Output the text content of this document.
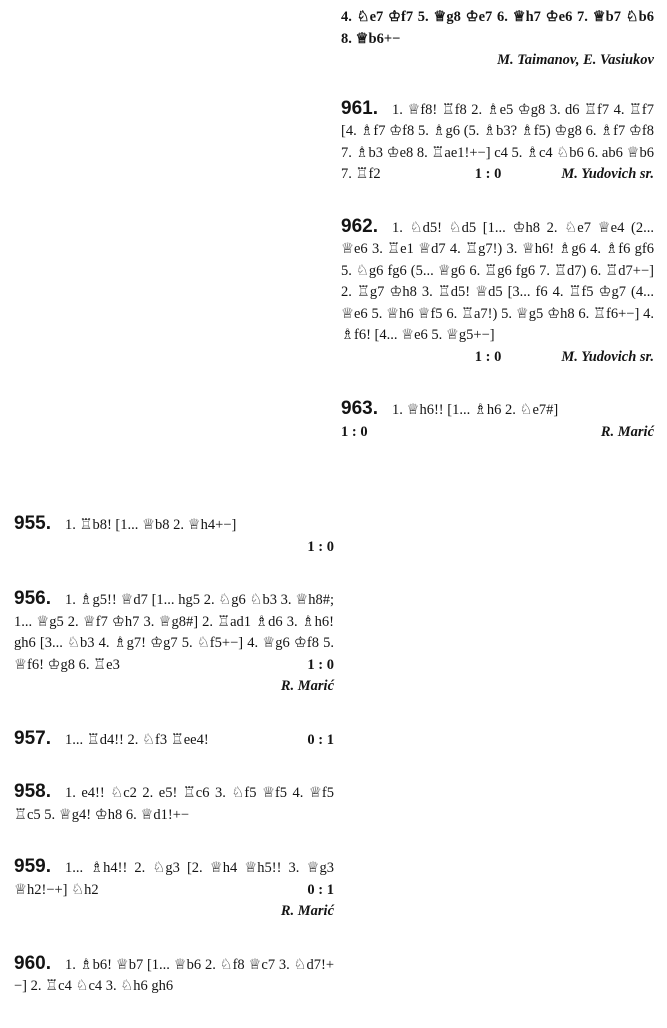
4. ♘e7 ♔f7 5. ♕g8 ♔e7 6. ♕h7 ♔e6 7. ♕b7 ♘b6 8. ♕b6+−
M. Taimanov, E. Vasiukov
961. 1. ♕f8! ♖f8 2. ♗e5 ♔g8 3. d6 ♖f7 4. ♖f7 [4. ♗f7 ♔f8 5. ♗g6 (5. ♗b3? ♗f5) ♔g8 6. ♗f7 ♔f8 7. ♗b3 ♔e8 8. ♖ae1!+−] c4 5. ♗c4 ♘b6 6. ab6 ♕b6 7. ♖f2	1 : 0	M. Yudovich sr.
962. 1. ♘d5! ♘d5 [1... ♔h8 2. ♘e7 ♕e4 (2... ♕e6 3. ♖e1 ♕d7 4. ♖g7!) 3. ♕h6! ♗g6 4. ♗f6 gf6 5. ♘g6 fg6 (5... ♕g6 6. ♖g6 fg6 7. ♖d7) 6. ♖d7+−] 2. ♖g7 ♔h8 3. ♖d5! ♕d5 [3... f6 4. ♖f5 ♔g7 (4... ♕e6 5. ♕h6 ♕f5 6. ♖a7!) 5. ♕g5 ♔h8 6. ♖f6+−] 4. ♗f6! [4... ♕e6 5. ♕g5+−]
1 : 0	M. Yudovich sr.
963. 1. ♕h6!! [1... ♗h6 2. ♘e7#]
1 : 0	R. Marić
955. 1. ♖b8! [1... ♕b8 2. ♕h4+−]
1 : 0
956. 1. ♗g5!! ♕d7 [1... hg5 2. ♘g6 ♘b3 3. ♕h8#; 1... ♕g5 2. ♕f7 ♔h7 3. ♕g8#] 2. ♖ad1 ♗d6 3. ♗h6! gh6 [3... ♘b3 4. ♗g7! ♔g7 5. ♘f5+−] 4. ♕g6 ♔f8 5. ♕f6! ♔g8 6. ♖e3	1 : 0
R. Marić
957. 1... ♖d4!! 2. ♘f3 ♖ee4!	0 : 1
958. 1. e4!! ♘c2 2. e5! ♖c6 3. ♘f5 ♕f5 4. ♕f5 ♖c5 5. ♕g4! ♔h8 6. ♕d1!+−
959. 1... ♗h4!! 2. ♘g3 [2. ♕h4 ♕h5!! 3. ♕g3 ♕h2!−+] ♘h2	0 : 1
R. Marić
960. 1. ♗b6! ♕b7 [1... ♕b6 2. ♘f8 ♕c7 3. ♘d7!+−] 2. ♖c4 ♘c4 3. ♘h6 gh6
